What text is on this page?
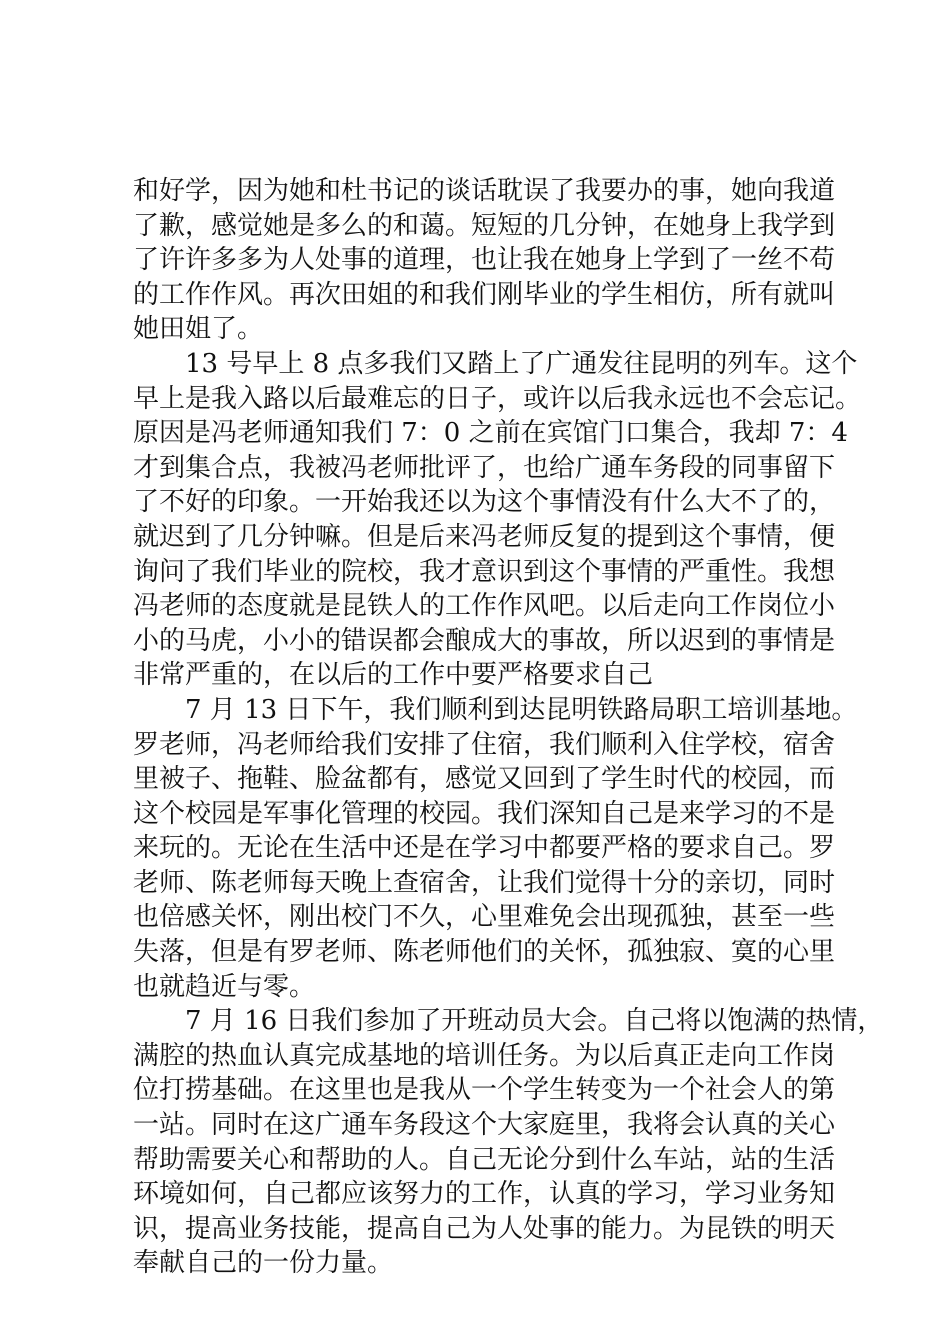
和好学，因为她和杜书记的谈话耽误了我要办的事，她向我道
了歉，感觉她是多么的和蔼。短短的几分钟，在她身上我学到
了许许多多为人处事的道理，也让我在她身上学到了一丝不苟
的工作作风。再次田姐的和我们刚毕业的学生相仿，所有就叫
她田姐了。

13 号早上 8 点多我们又踏上了广通发往昆明的列车。这个
早上是我入路以后最难忘的日子，或许以后我永远也不会忘记。
原因是冯老师通知我们 7：0 之前在宾馆门口集合，我却 7：4
才到集合点，我被冯老师批评了，也给广通车务段的同事留下
了不好的印象。一开始我还以为这个事情没有什么大不了的，
就迟到了几分钟嘛。但是后来冯老师反复的提到这个事情，便
询问了我们毕业的院校，我才意识到这个事情的严重性。我想
冯老师的态度就是昆铁人的工作作风吧。以后走向工作岗位小
小的马虎，小小的错误都会酿成大的事故，所以迟到的事情是
非常严重的，在以后的工作中要严格要求自己

7 月 13 日下午，我们顺利到达昆明铁路局职工培训基地。
罗老师，冯老师给我们安排了住宿，我们顺利入住学校，宿舍
里被子、拖鞋、脸盆都有，感觉又回到了学生时代的校园，而
这个校园是军事化管理的校园。我们深知自己是来学习的不是
来玩的。无论在生活中还是在学习中都要严格的要求自己。罗
老师、陈老师每天晚上查宿舍，让我们觉得十分的亲切，同时
也倍感关怀，刚出校门不久，心里难免会出现孤独，甚至一些
失落，但是有罗老师、陈老师他们的关怀，孤独寂、寞的心里
也就趋近与零。

7 月 16 日我们参加了开班动员大会。自己将以饱满的热情，
满腔的热血认真完成基地的培训任务。为以后真正走向工作岗
位打捞基础。在这里也是我从一个学生转变为一个社会人的第
一站。同时在这广通车务段这个大家庭里，我将会认真的关心
帮助需要关心和帮助的人。自己无论分到什么车站，站的生活
环境如何，自己都应该努力的工作，认真的学习，学习业务知
识，提高业务技能，提高自己为人处事的能力。为昆铁的明天
奉献自己的一份力量。
